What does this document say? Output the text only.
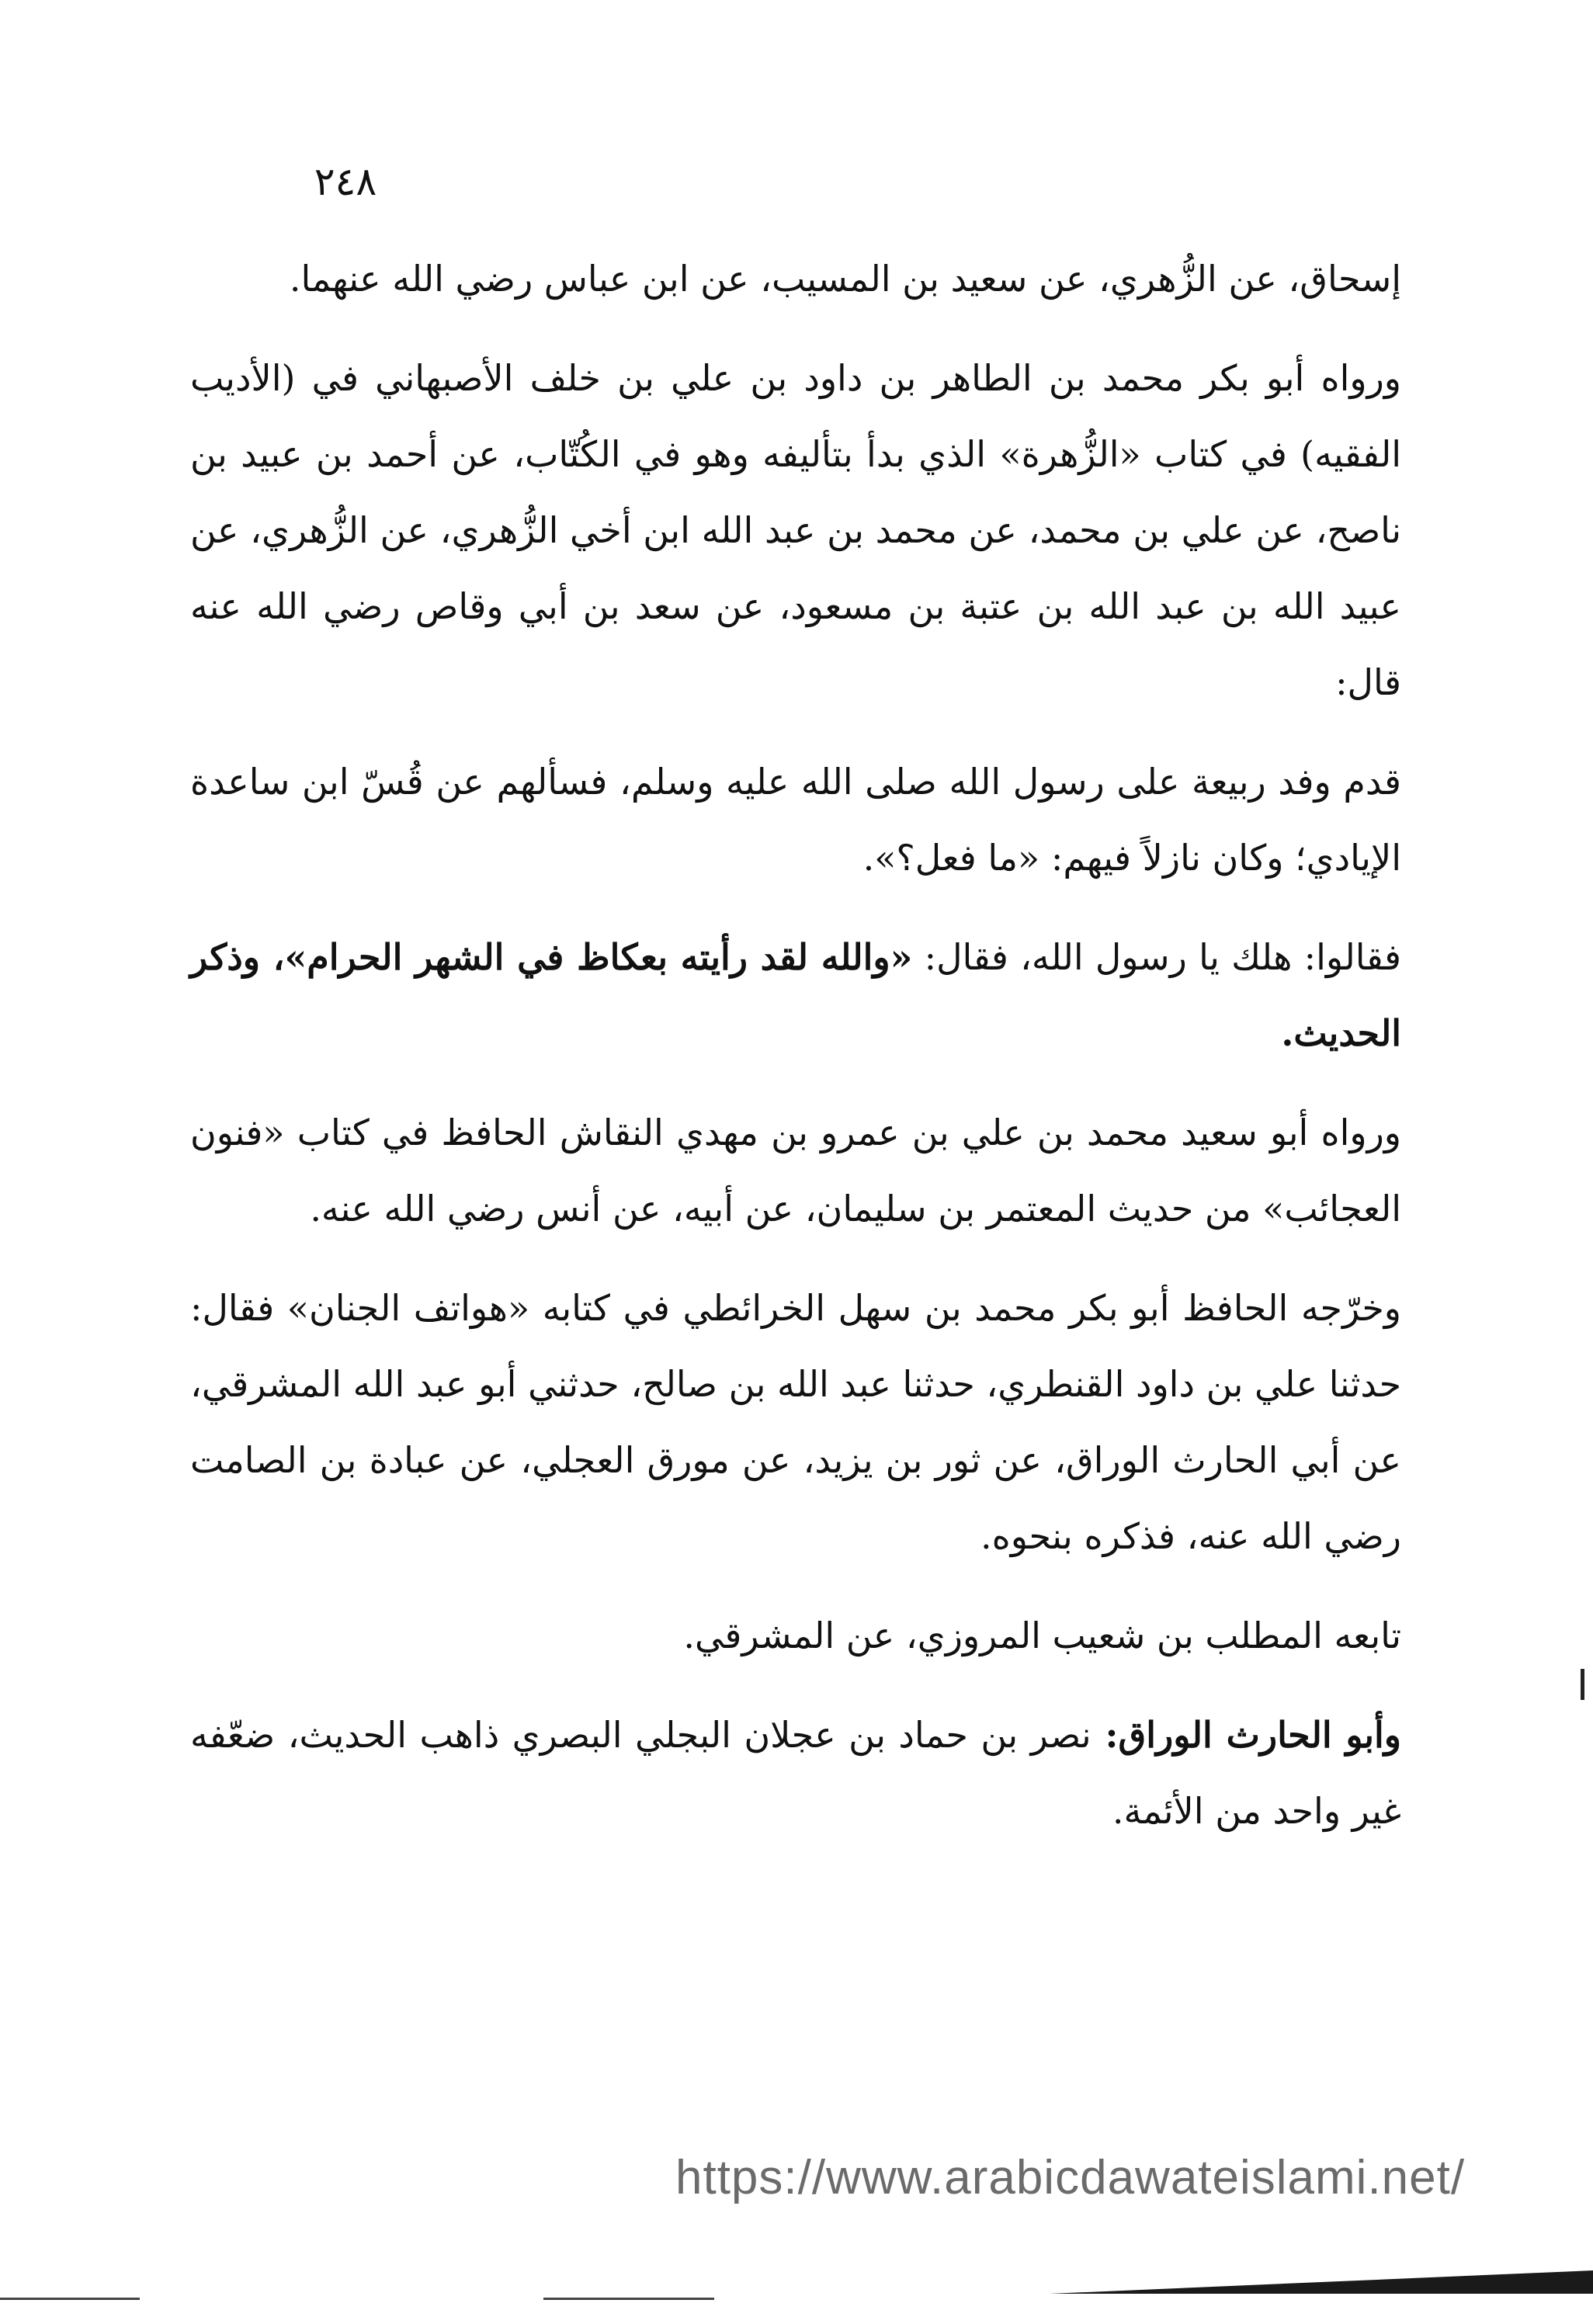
٢٤٨

إسحاق، عن الزُّهري، عن سعيد بن المسيب، عن ابن عباس رضي الله عنهما.

ورواه أبو بكر محمد بن الطاهر بن داود بن علي بن خلف الأصبهاني في (الأديب الفقيه) في كتاب «الزُّهرة» الذي بدأ بتأليفه وهو في الكُتّاب، عن أحمد بن عبيد بن ناصح، عن علي بن محمد، عن محمد بن عبد الله ابن أخي الزُّهري، عن الزُّهري، عن عبيد الله بن عبد الله بن عتبة بن مسعود، عن سعد بن أبي وقاص رضي الله عنه قال:

قدم وفد ربيعة على رسول الله صلى الله عليه وسلم، فسألهم عن قُسّ ابن ساعدة الإيادي؛ وكان نازلاً فيهم: «ما فعل؟».

فقالوا: هلك يا رسول الله، فقال: «والله لقد رأيته بعكاظ في الشهر الحرام»، وذكر الحديث.

ورواه أبو سعيد محمد بن علي بن عمرو بن مهدي النقاش الحافظ في كتاب «فنون العجائب» من حديث المعتمر بن سليمان، عن أبيه، عن أنس رضي الله عنه.

وخرّجه الحافظ أبو بكر محمد بن سهل الخرائطي في كتابه «هواتف الجنان» فقال: حدثنا علي بن داود القنطري، حدثنا عبد الله بن صالح، حدثني أبو عبد الله المشرقي، عن أبي الحارث الوراق، عن ثور بن يزيد، عن مورق العجلي، عن عبادة بن الصامت رضي الله عنه، فذكره بنحوه.

تابعه المطلب بن شعيب المروزي، عن المشرقي.

وأبو الحارث الوراق: نصر بن حماد بن عجلان البجلي البصري ذاهب الحديث، ضعّفه غير واحد من الأئمة.

https://www.arabicdawateislami.net/
